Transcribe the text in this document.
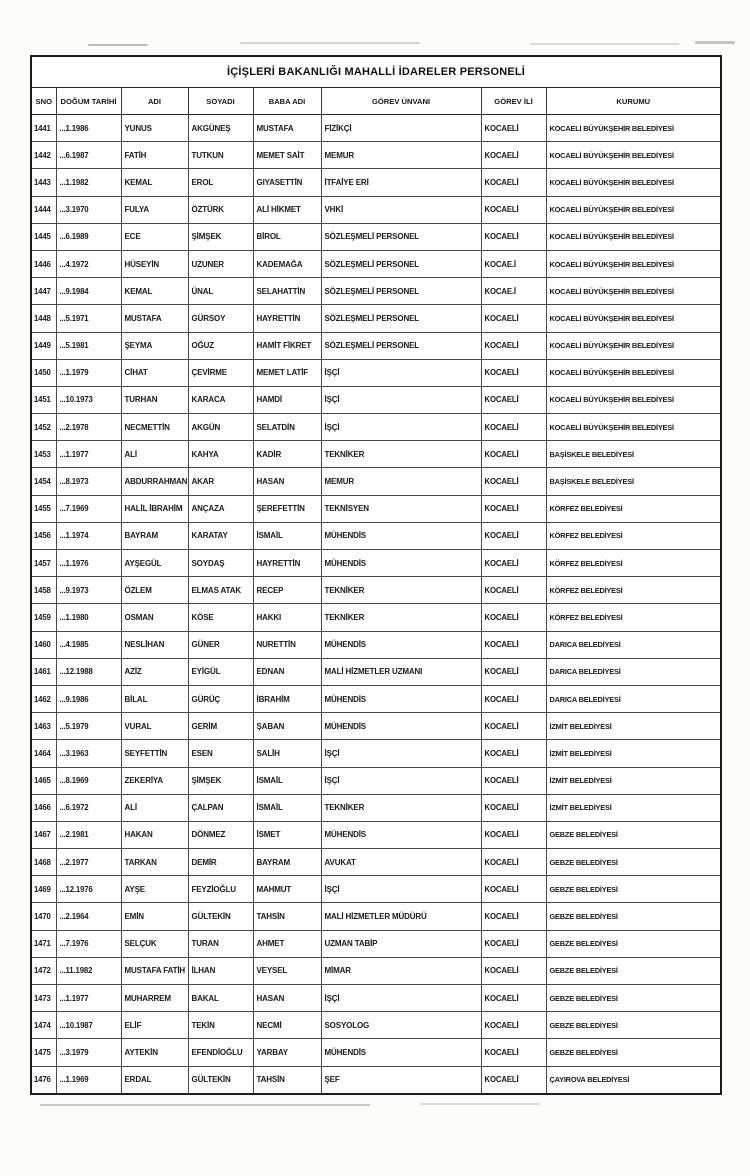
İÇİŞLERİ BAKANLIĞI MAHALLİ İDARELER PERSONELİ							
SNO	DOĞUM TARİHİ	ADI	SOYADI	BABA ADI	GÖREV ÜNVANI	GÖREV İLİ	KURUMU
1441	...1.1986	YUNUS	AKGÜNEŞ	MUSTAFA	FİZİKÇİ	KOCAELİ	KOCAELİ BÜYÜKŞEHİR BELEDİYESİ
1442	...6.1987	FATİH	TUTKUN	MEMET SAİT	MEMUR	KOCAELİ	KOCAELİ BÜYÜKŞEHİR BELEDİYESİ
1443	...1.1982	KEMAL	EROL	GIYASETTİN	İTFAİYE ERİ	KOCAELİ	KOCAELİ BÜYÜKŞEHİR BELEDİYESİ
1444	...3.1970	FULYA	ÖZTÜRK	ALİ HİKMET	VHKİ	KOCAELİ	KOCAELİ BÜYÜKŞEHİR BELEDİYESİ
1445	...6.1989	ECE	ŞİMŞEK	BİROL	SÖZLEŞMELİ PERSONEL	KOCAELİ	KOCAELİ BÜYÜKŞEHİR BELEDİYESİ
1446	...4.1972	HÜSEYİN	UZUNER	KADEMAĞA	SÖZLEŞMELİ PERSONEL	KOCAE.İ	KOCAELİ BÜYÜKŞEHİR BELEDİYESİ
1447	...9.1984	KEMAL	ÜNAL	SELAHATTİN	SÖZLEŞMELİ PERSONEL	KOCAE.İ	KOCAELİ BÜYÜKŞEHİR BELEDİYESİ
1448	...5.1971	MUSTAFA	GÜRSOY	HAYRETTİN	SÖZLEŞMELİ PERSONEL	KOCAELİ	KOCAELİ BÜYÜKŞEHİR BELEDİYESİ
1449	...5.1981	ŞEYMA	OĞUZ	HAMİT FİKRET	SÖZLEŞMELİ PERSONEL	KOCAELİ	KOCAELİ BÜYÜKŞEHİR BELEDİYESİ
1450	...1.1979	CİHAT	ÇEVİRME	MEMET LATİF	İŞÇİ	KOCAELİ	KOCAELİ BÜYÜKŞEHİR BELEDİYESİ
1451	...10.1973	TURHAN	KARACA	HAMDİ	İŞÇİ	KOCAELİ	KOCAELİ BÜYÜKŞEHİR BELEDİYESİ
1452	...2.1978	NECMETTİN	AKGÜN	SELATDİN	İŞÇİ	KOCAELİ	KOCAELİ BÜYÜKŞEHİR BELEDİYESİ
1453	...1.1977	ALİ	KAHYA	KADİR	TEKNİKER	KOCAELİ	BAŞİSKELE BELEDİYESİ
1454	...8.1973	ABDURRAHMAN	AKAR	HASAN	MEMUR	KOCAELİ	BAŞİSKELE BELEDİYESİ
1455	...7.1969	HALİL İBRAHİM	ANÇAZA	ŞEREFETTİN	TEKNİSYEN	KOCAELİ	KÖRFEZ BELEDİYESİ
1456	...1.1974	BAYRAM	KARATAY	İSMAİL	MÜHENDİS	KOCAELİ	KÖRFEZ BELEDİYESİ
1457	...1.1976	AYŞEGÜL	SOYDAŞ	HAYRETTİN	MÜHENDİS	KOCAELİ	KÖRFEZ BELEDİYESİ
1458	...9.1973	ÖZLEM	ELMAS ATAK	RECEP	TEKNİKER	KOCAELİ	KÖRFEZ BELEDİYESİ
1459	...1.1980	OSMAN	KÖSE	HAKKI	TEKNİKER	KOCAELİ	KÖRFEZ BELEDİYESİ
1460	...4.1985	NESLİHAN	GÜNER	NURETTİN	MÜHENDİS	KOCAELİ	DARICA BELEDİYESİ
1461	...12.1988	AZİZ	EYİGÜL	EDNAN	MALİ HİZMETLER UZMANI	KOCAELİ	DARICA BELEDİYESİ
1462	...9.1986	BİLAL	GÜRÜÇ	İBRAHİM	MÜHENDİS	KOCAELİ	DARICA BELEDİYESİ
1463	...5.1979	VURAL	GERİM	ŞABAN	MÜHENDİS	KOCAELİ	İZMİT BELEDİYESİ
1464	...3.1963	SEYFETTİN	ESEN	SALİH	İŞÇİ	KOCAELİ	İZMİT BELEDİYESİ
1465	...8.1969	ZEKERİYA	ŞİMŞEK	İSMAİL	İŞÇİ	KOCAELİ	İZMİT BELEDİYESİ
1466	...6.1972	ALİ	ÇALPAN	İSMAİL	TEKNİKER	KOCAELİ	İZMİT BELEDİYESİ
1467	...2.1981	HAKAN	DÖNMEZ	İSMET	MÜHENDİS	KOCAELİ	GEBZE BELEDİYESİ
1468	...2.1977	TARKAN	DEMİR	BAYRAM	AVUKAT	KOCAELİ	GEBZE BELEDİYESİ
1469	...12.1976	AYŞE	FEYZİOĞLU	MAHMUT	İŞÇİ	KOCAELİ	GEBZE BELEDİYESİ
1470	...2.1964	EMİN	GÜLTEKİN	TAHSİN	MALİ HİZMETLER MÜDÜRÜ	KOCAELİ	GEBZE BELEDİYESİ
1471	...7.1976	SELÇUK	TURAN	AHMET	UZMAN TABİP	KOCAELİ	GEBZE BELEDİYESİ
1472	...11.1982	MUSTAFA FATİH	İLHAN	VEYSEL	MİMAR	KOCAELİ	GEBZE BELEDİYESİ
1473	...1.1977	MUHARREM	BAKAL	HASAN	İŞÇİ	KOCAELİ	GEBZE BELEDİYESİ
1474	...10.1987	ELİF	TEKİN	NECMİ	SOSYOLOG	KOCAELİ	GEBZE BELEDİYESİ
1475	...3.1979	AYTEKİN	EFENDİOĞLU	YARBAY	MÜHENDİS	KOCAELİ	GEBZE BELEDİYESİ
1476	...1.1969	ERDAL	GÜLTEKİN	TAHSİN	ŞEF	KOCAELİ	ÇAYIROVA BELEDİYESİ
